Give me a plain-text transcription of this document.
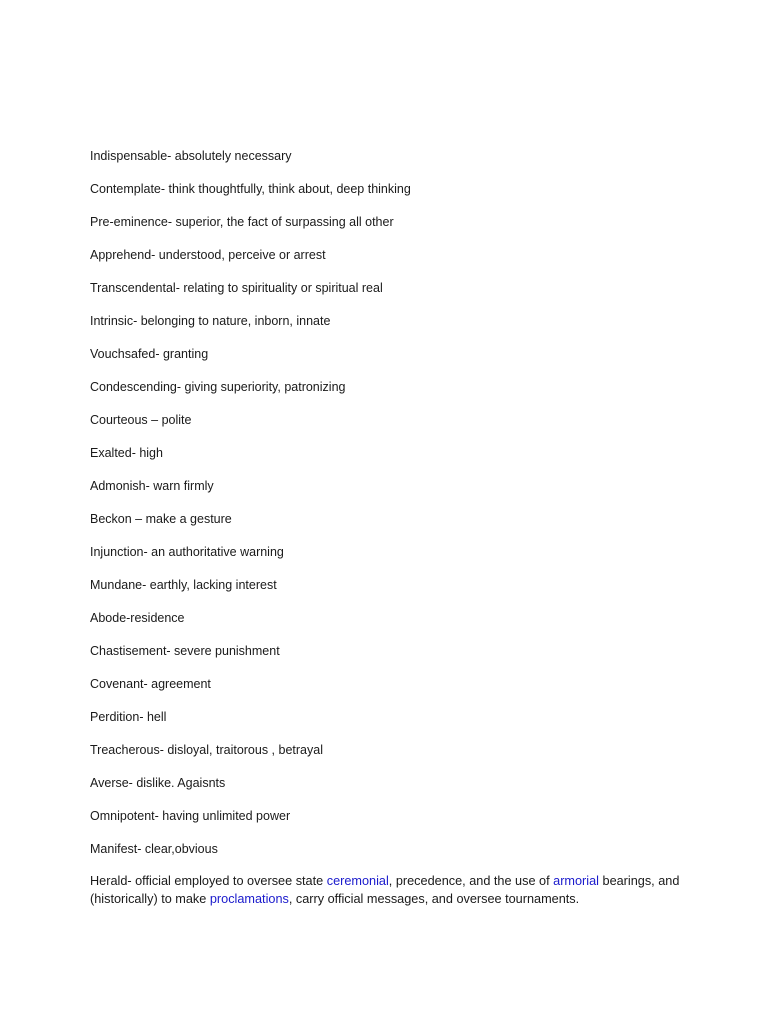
Indispensable- absolutely necessary

Contemplate- think thoughtfully, think about, deep thinking

Pre-eminence- superior, the fact of surpassing all other

Apprehend- understood, perceive or arrest

Transcendental- relating to spirituality or spiritual real

Intrinsic- belonging to nature, inborn, innate

Vouchsafed- granting

Condescending- giving superiority, patronizing

Courteous – polite

Exalted- high

Admonish- warn firmly

Beckon – make a gesture

Injunction- an authoritative warning

Mundane- earthly, lacking interest

Abode-residence

Chastisement- severe punishment

Covenant- agreement

Perdition- hell

Treacherous- disloyal, traitorous , betrayal

Averse- dislike. Agaisnts

Omnipotent- having unlimited power

Manifest- clear,obvious

Herald- official employed to oversee state ceremonial, precedence, and the use of armorial bearings, and (historically) to make proclamations, carry official messages, and oversee tournaments.
